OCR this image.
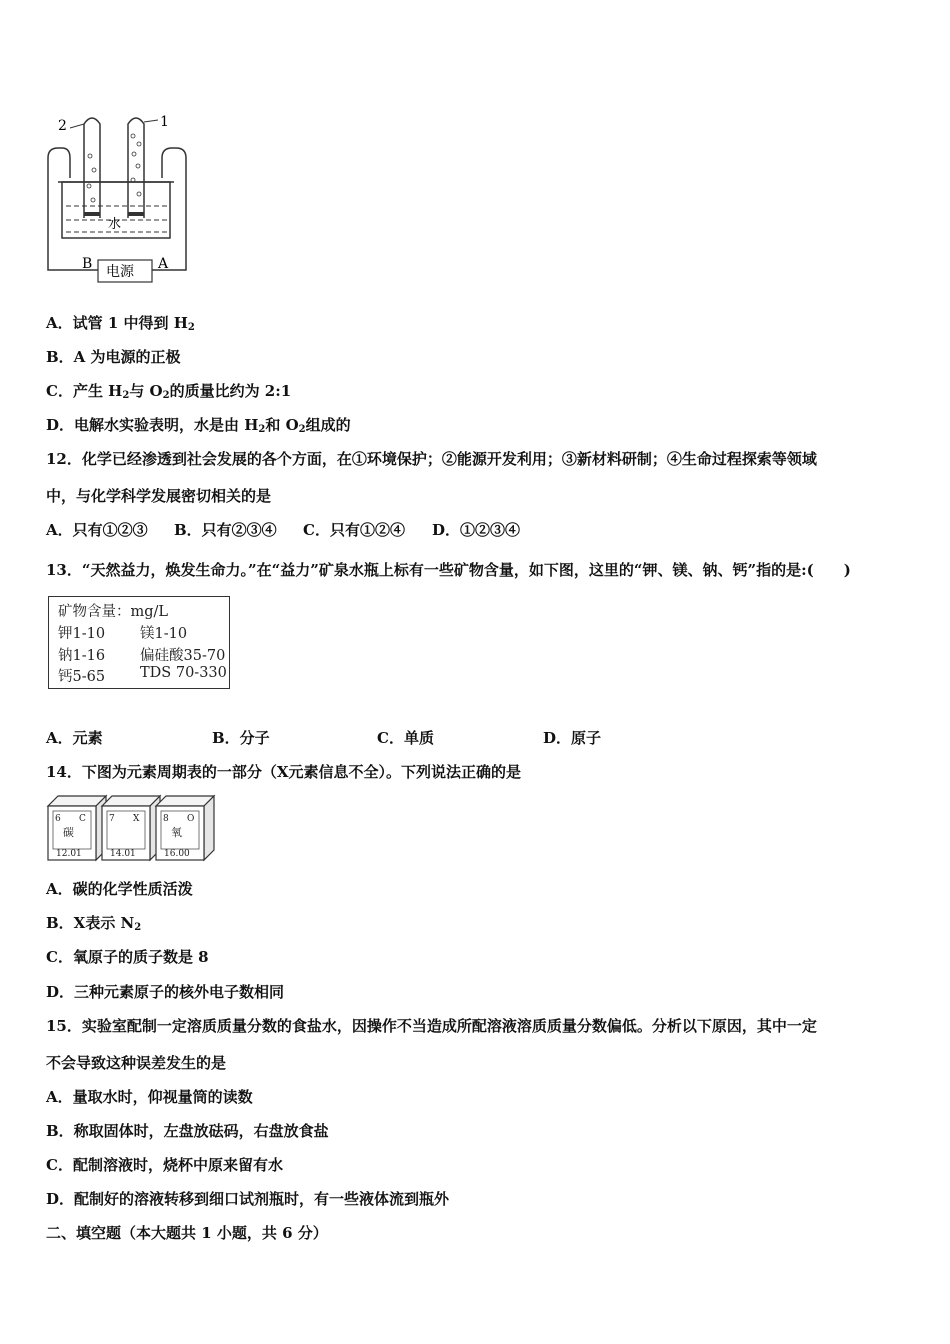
2	1
水
B	A
电源
A．试管 1 中得到 $H_2$
B．A 为电源的正极
C．产生 $H_2$与 $O_2$的质量比约为 2:1
D．电解水实验表明，水是由 $H_2$和 $O_2$组成的
12．化学已经渗透到社会发展的各个方面，在①环境保护；②能源开发利用；③新材料研制；④生命过程探索等领域
中，与化学科学发展密切相关的是
A．只有①②③ B．只有②③④ C．只有①②④ D．①②③④
13．“天然益力，焕发生命力。”在“益力”矿泉水瓶上标有一些矿物含量，如下图，这里的“钾、镁、钠、钙”指的是:(　　)
矿物含量：mg/L
钾1-10 镁1-10
钠1-16 偏硅酸35-70
钙5-65 TDS 70-330
A．元素	B．分子	C．单质	D．原子
14．下图为元素周期表的一部分（X元素信息不全）。下列说法正确的是
6 C
碳
12.01
7 X
14.01
8 O
氧
16.00
A．碳的化学性质活泼
B．X表示 $N_2$
C．氧原子的质子数是 8
D．三种元素原子的核外电子数相同
15．实验室配制一定溶质质量分数的食盐水，因操作不当造成所配溶液溶质质量分数偏低。分析以下原因，其中一定
不会导致这种误差发生的是
A．量取水时，仰视量筒的读数
B．称取固体时，左盘放砝码，右盘放食盐
C．配制溶液时，烧杯中原来留有水
D．配制好的溶液转移到细口试剂瓶时，有一些液体流到瓶外
二、填空题（本大题共 1 小题，共 6 分）
